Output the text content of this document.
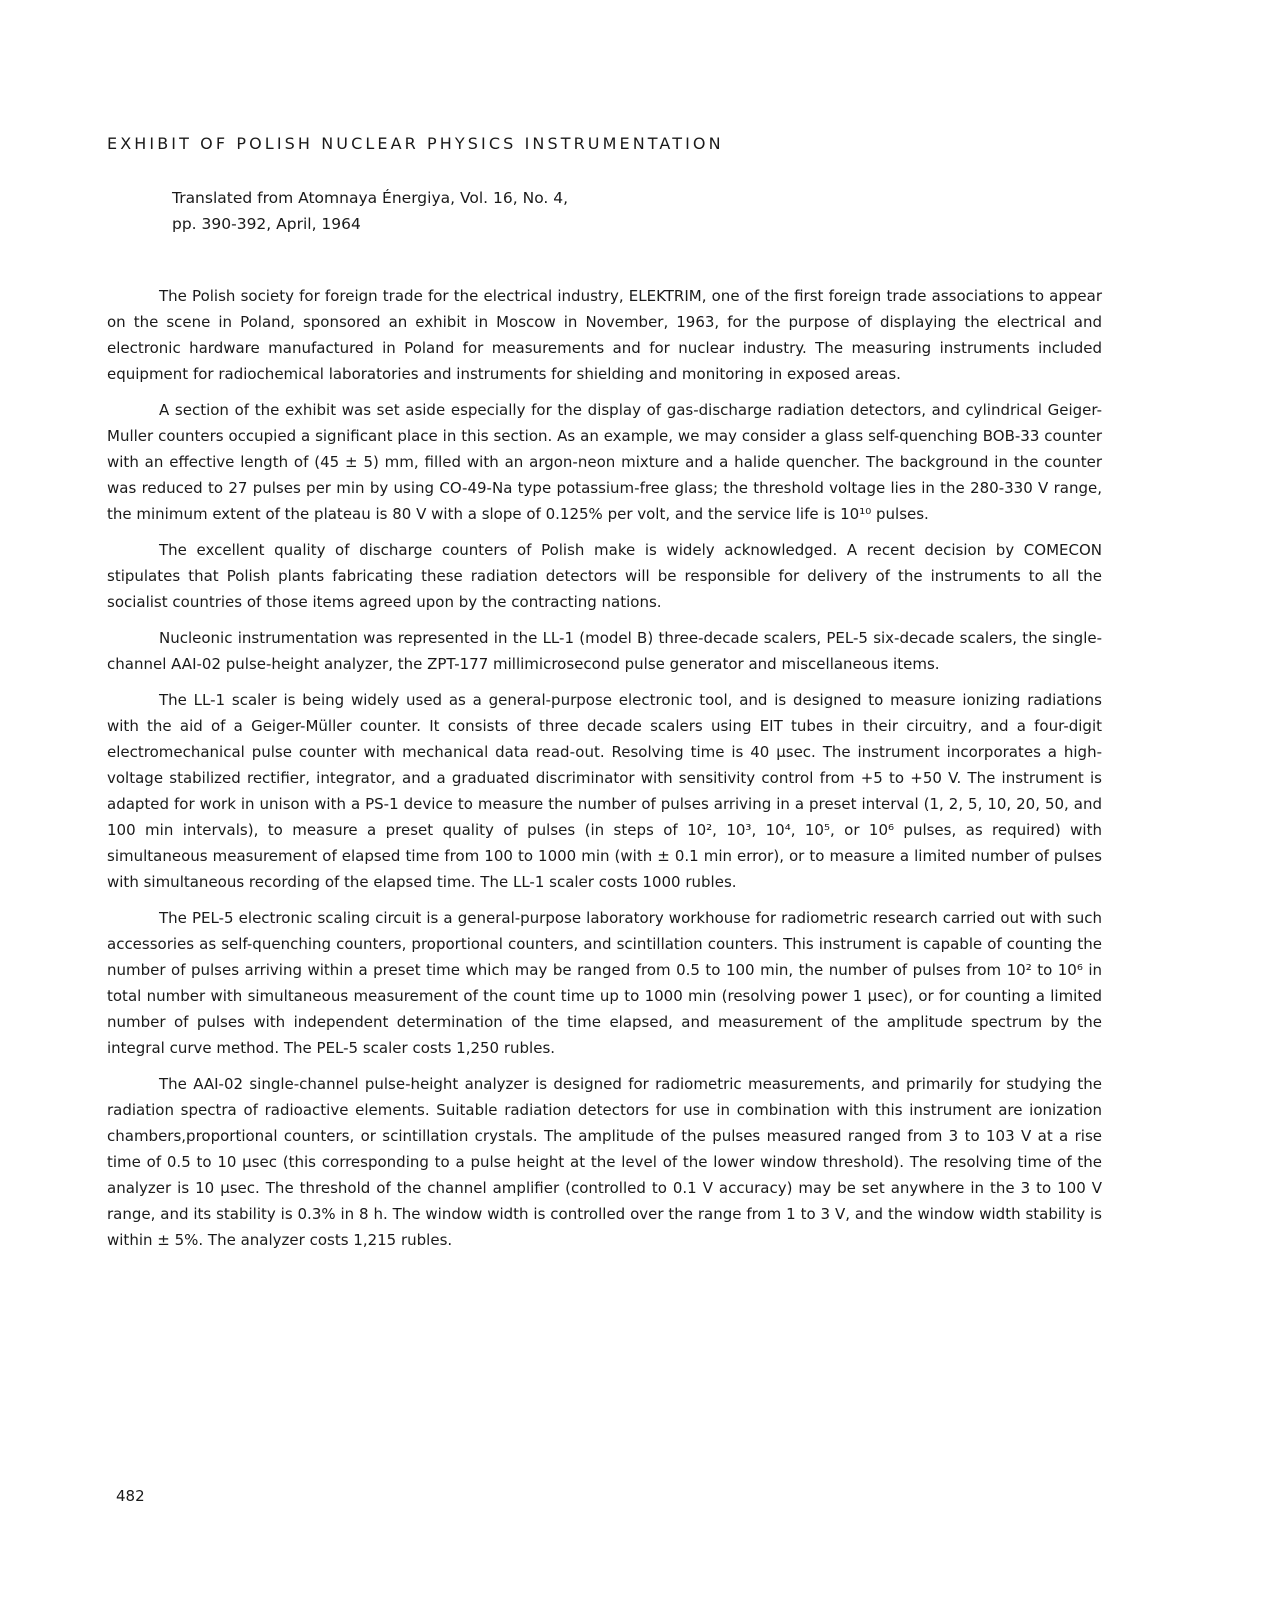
EXHIBIT OF POLISH NUCLEAR PHYSICS INSTRUMENTATION
Translated from Atomnaya Énergiya, Vol. 16, No. 4,
pp. 390-392, April, 1964

The Polish society for foreign trade for the electrical industry, ELEKTRIM, one of the first foreign trade associations to appear on the scene in Poland, sponsored an exhibit in Moscow in November, 1963, for the purpose of displaying the electrical and electronic hardware manufactured in Poland for measurements and for nuclear industry. The measuring instruments included equipment for radiochemical laboratories and instruments for shielding and monitoring in exposed areas.

A section of the exhibit was set aside especially for the display of gas-discharge radiation detectors, and cylindrical Geiger-Muller counters occupied a significant place in this section. As an example, we may consider a glass self-quenching BOB-33 counter with an effective length of (45 ± 5) mm, filled with an argon-neon mixture and a halide quencher. The background in the counter was reduced to 27 pulses per min by using CO-49-Na type potassium-free glass; the threshold voltage lies in the 280-330 V range, the minimum extent of the plateau is 80 V with a slope of 0.125% per volt, and the service life is 10¹⁰ pulses.

The excellent quality of discharge counters of Polish make is widely acknowledged. A recent decision by COMECON stipulates that Polish plants fabricating these radiation detectors will be responsible for delivery of the instruments to all the socialist countries of those items agreed upon by the contracting nations.

Nucleonic instrumentation was represented in the LL-1 (model B) three-decade scalers, PEL-5 six-decade scalers, the single-channel AAI-02 pulse-height analyzer, the ZPT-177 millimicrosecond pulse generator and miscellaneous items.

The LL-1 scaler is being widely used as a general-purpose electronic tool, and is designed to measure ionizing radiations with the aid of a Geiger-Müller counter. It consists of three decade scalers using EIT tubes in their circuitry, and a four-digit electromechanical pulse counter with mechanical data read-out. Resolving time is 40 μsec. The instrument incorporates a high-voltage stabilized rectifier, integrator, and a graduated discriminator with sensitivity control from +5 to +50 V. The instrument is adapted for work in unison with a PS-1 device to measure the number of pulses arriving in a preset interval (1, 2, 5, 10, 20, 50, and 100 min intervals), to measure a preset quality of pulses (in steps of 10², 10³, 10⁴, 10⁵, or 10⁶ pulses, as required) with simultaneous measurement of elapsed time from 100 to 1000 min (with ± 0.1 min error), or to measure a limited number of pulses with simultaneous recording of the elapsed time. The LL-1 scaler costs 1000 rubles.

The PEL-5 electronic scaling circuit is a general-purpose laboratory workhouse for radiometric research carried out with such accessories as self-quenching counters, proportional counters, and scintillation counters. This instrument is capable of counting the number of pulses arriving within a preset time which may be ranged from 0.5 to 100 min, the number of pulses from 10² to 10⁶ in total number with simultaneous measurement of the count time up to 1000 min (resolving power 1 μsec), or for counting a limited number of pulses with independent determination of the time elapsed, and measurement of the amplitude spectrum by the integral curve method. The PEL-5 scaler costs 1,250 rubles.

The AAI-02 single-channel pulse-height analyzer is designed for radiometric measurements, and primarily for studying the radiation spectra of radioactive elements. Suitable radiation detectors for use in combination with this instrument are ionization chambers,proportional counters, or scintillation crystals. The amplitude of the pulses measured ranged from 3 to 103 V at a rise time of 0.5 to 10 μsec (this corresponding to a pulse height at the level of the lower window threshold). The resolving time of the analyzer is 10 μsec. The threshold of the channel amplifier (controlled to 0.1 V accuracy) may be set anywhere in the 3 to 100 V range, and its stability is 0.3% in 8 h. The window width is controlled over the range from 1 to 3 V, and the window width stability is within ± 5%. The analyzer costs 1,215 rubles.

482
